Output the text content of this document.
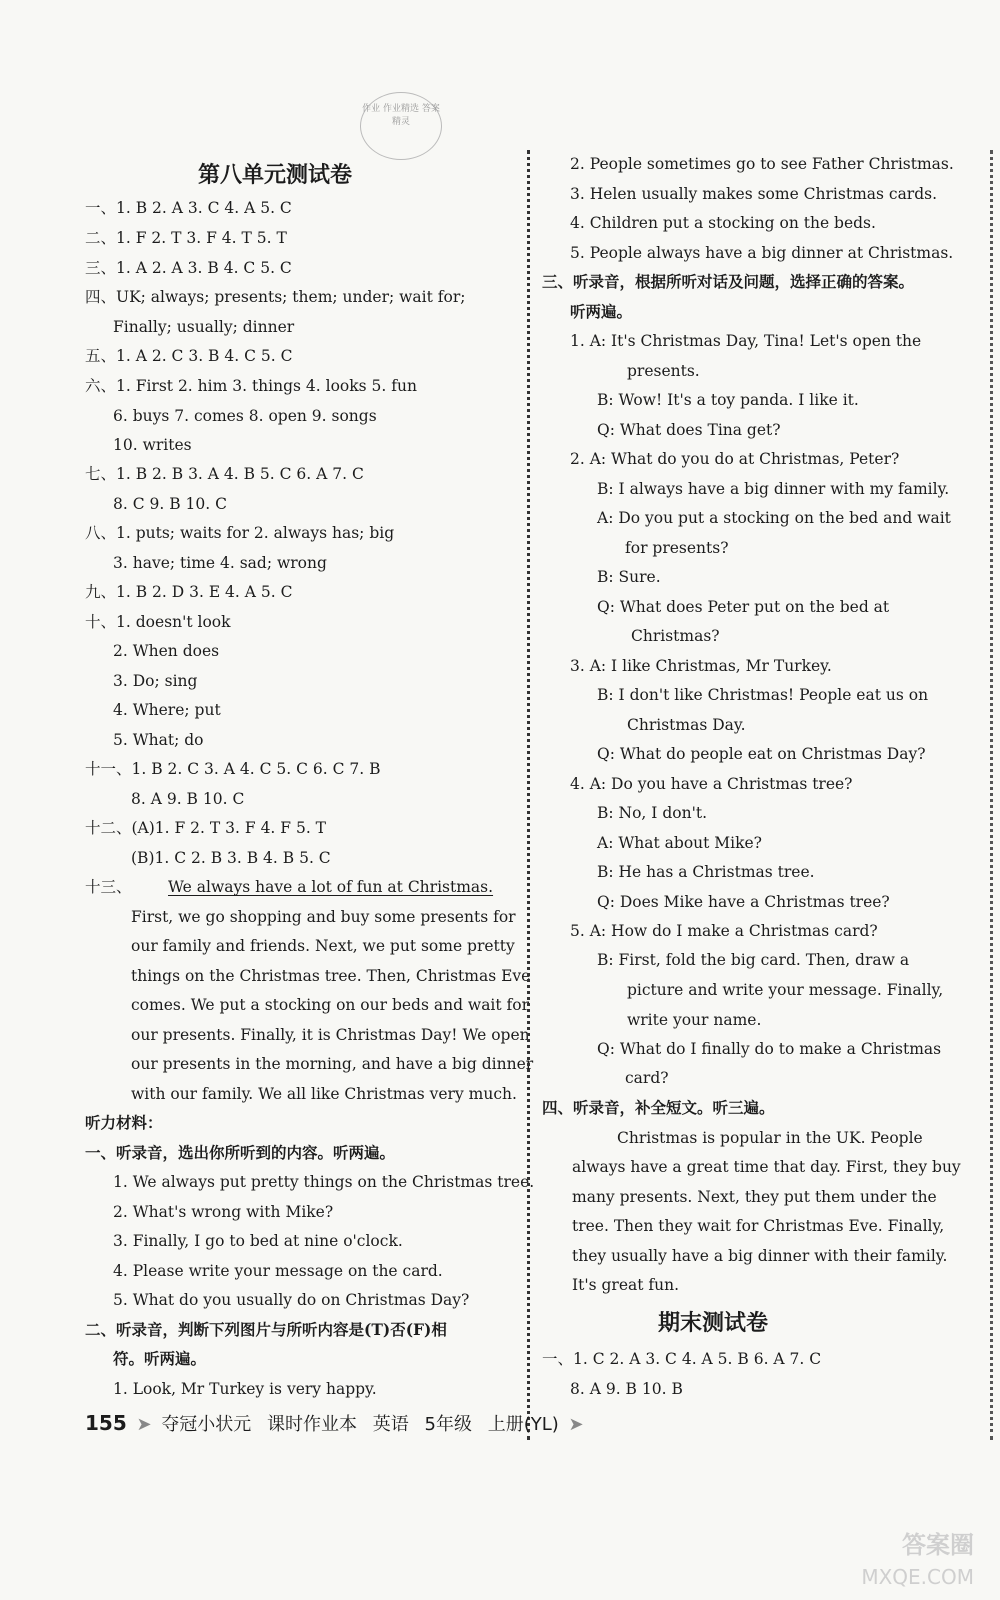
作业 作业精选 答案 精灵
第八单元测试卷
一、1. B 2. A 3. C 4. A 5. C
二、1. F 2. T 3. F 4. T 5. T
三、1. A 2. A 3. B 4. C 5. C
四、UK; always; presents; them; under; wait for;
Finally; usually; dinner
五、1. A 2. C 3. B 4. C 5. C
六、1. First 2. him 3. things 4. looks 5. fun
6. buys 7. comes 8. open 9. songs
10. writes
七、1. B 2. B 3. A 4. B 5. C 6. A 7. C
8. C 9. B 10. C
八、1. puts; waits for 2. always has; big
3. have; time 4. sad; wrong
九、1. B 2. D 3. E 4. A 5. C
十、1. doesn't look
2. When does
3. Do; sing
4. Where; put
5. What; do
十一、1. B 2. C 3. A 4. C 5. C 6. C 7. B
8. A 9. B 10. C
十二、(A)1. F 2. T 3. F 4. F 5. T
(B)1. C 2. B 3. B 4. B 5. C
十三、 We always have a lot of fun at Christmas.
First, we go shopping and buy some presents for
our family and friends. Next, we put some pretty
things on the Christmas tree. Then, Christmas Eve
comes. We put a stocking on our beds and wait for
our presents. Finally, it is Christmas Day! We open
our presents in the morning, and have a big dinner
with our family. We all like Christmas very much.
听力材料：
一、听录音，选出你所听到的内容。听两遍。
1. We always put pretty things on the Christmas tree.
2. What's wrong with Mike?
3. Finally, I go to bed at nine o'clock.
4. Please write your message on the card.
5. What do you usually do on Christmas Day?
二、听录音，判断下列图片与所听内容是(T)否(F)相
符。听两遍。
1. Look, Mr Turkey is very happy.
2. People sometimes go to see Father Christmas.
3. Helen usually makes some Christmas cards.
4. Children put a stocking on the beds.
5. People always have a big dinner at Christmas.
三、听录音，根据所听对话及问题，选择正确的答案。
听两遍。
1. A: It's Christmas Day, Tina! Let's open the
presents.
B: Wow! It's a toy panda. I like it.
Q: What does Tina get?
2. A: What do you do at Christmas, Peter?
B: I always have a big dinner with my family.
A: Do you put a stocking on the bed and wait
for presents?
B: Sure.
Q: What does Peter put on the bed at
Christmas?
3. A: I like Christmas, Mr Turkey.
B: I don't like Christmas! People eat us on
Christmas Day.
Q: What do people eat on Christmas Day?
4. A: Do you have a Christmas tree?
B: No, I don't.
A: What about Mike?
B: He has a Christmas tree.
Q: Does Mike have a Christmas tree?
5. A: How do I make a Christmas card?
B: First, fold the big card. Then, draw a
picture and write your message. Finally,
write your name.
Q: What do I finally do to make a Christmas
card?
四、听录音，补全短文。听三遍。
Christmas is popular in the UK. People
always have a great time that day. First, they buy
many presents. Next, they put them under the
tree. Then they wait for Christmas Eve. Finally,
they usually have a big dinner with their family.
It's great fun.
一、1. C 2. A 3. C 4. A 5. B 6. A 7. C
8. A 9. B 10. B
期末测试卷
155 ➤ 夺冠小状元 课时作业本 英语 5年级 上册(YL) ➤
答案圈
MXQE.COM
